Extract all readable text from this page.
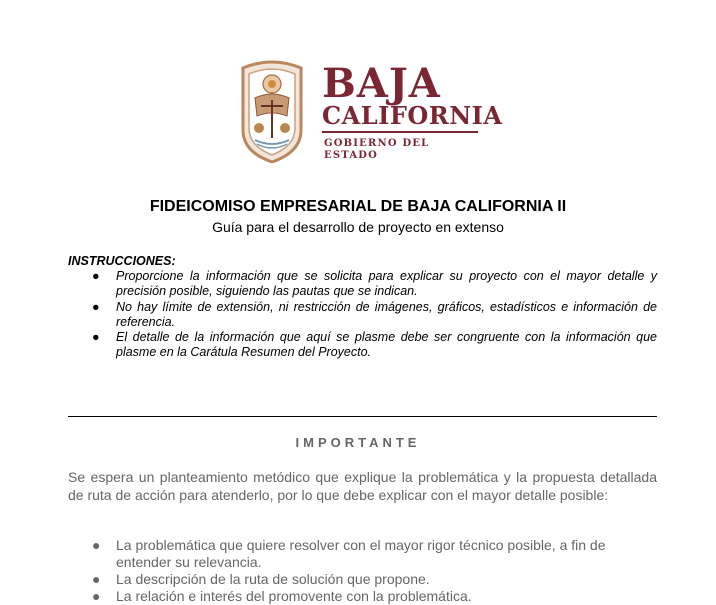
BAJA
CALIFORNIA
GOBIERNO DEL ESTADO
FIDEICOMISO EMPRESARIAL DE BAJA CALIFORNIA II
Guía para el desarrollo de proyecto en extenso
INSTRUCCIONES:
● Proporcione la información que se solicita para explicar su proyecto con el mayor detalle y precisión posible, siguiendo las pautas que se indican.
● No hay límite de extensión, ni restricción de imágenes, gráficos, estadísticos e información de referencia.
● El detalle de la información que aquí se plasme debe ser congruente con la información que plasme en la Carátula Resumen del Proyecto.
IMPORTANTE
Se espera un planteamiento metódico que explique la problemática y la propuesta detallada de ruta de acción para atenderlo, por lo que debe explicar con el mayor detalle posible:
● La problemática que quiere resolver con el mayor rigor técnico posible, a fin de entender su relevancia.
● La descripción de la ruta de solución que propone.
● La relación e interés del promovente con la problemática.
